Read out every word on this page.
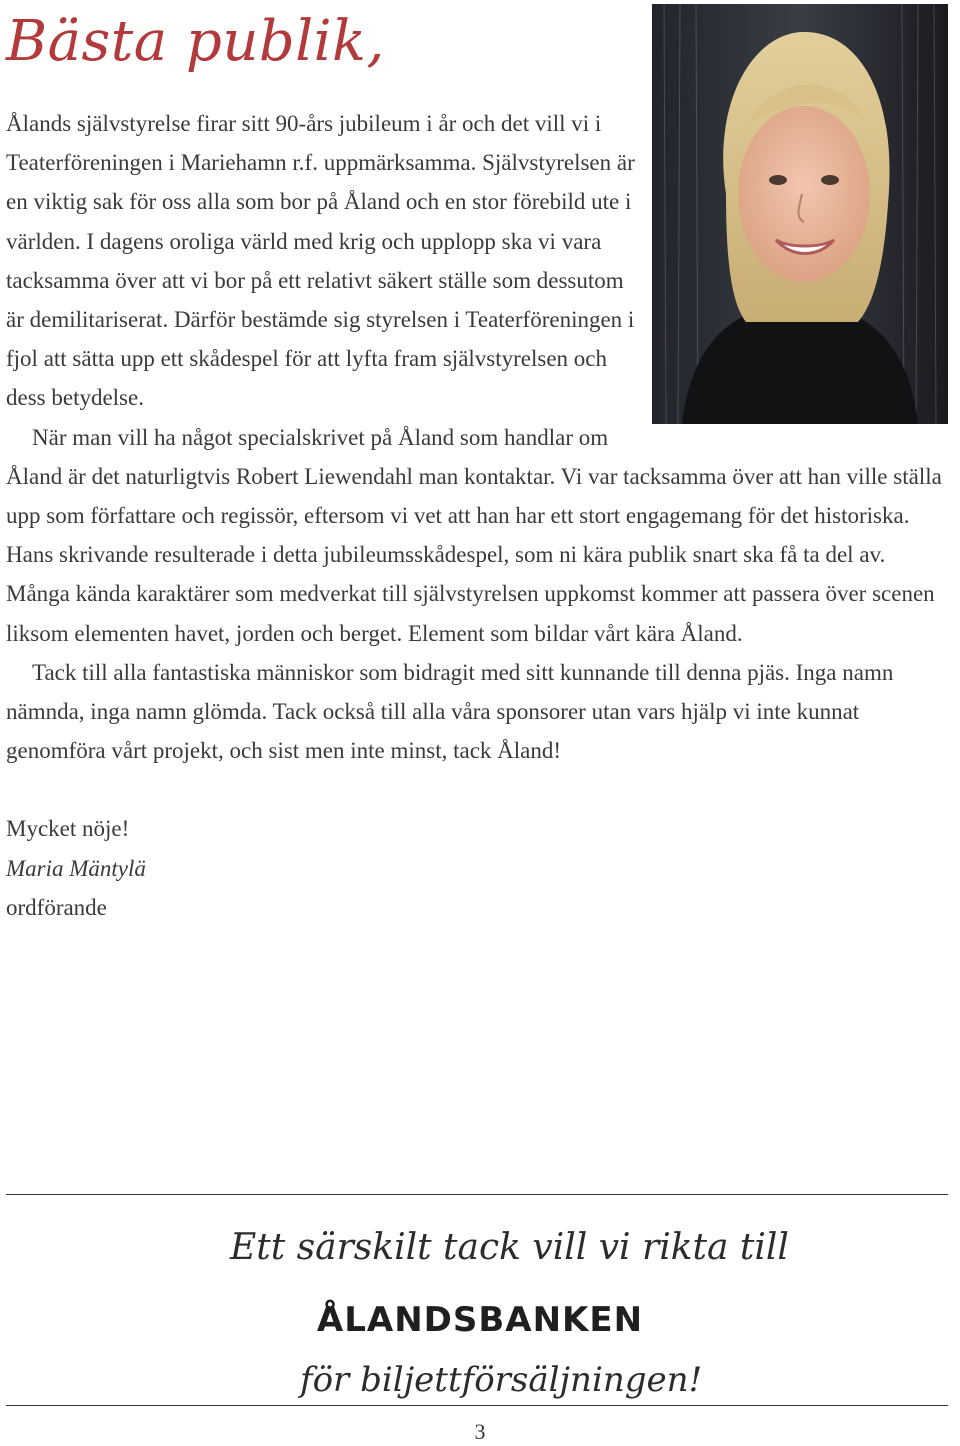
Bästa publik,

Ålands självstyrelse firar sitt 90-års jubileum i år och det vill vi i Teaterföreningen i Mariehamn r.f. uppmärksamma. Självstyrelsen är en viktig sak för oss alla som bor på Åland och en stor förebild ute i världen. I dagens oroliga värld med krig och upplopp ska vi vara tacksamma över att vi bor på ett relativt säkert ställe som dessutom är demilitariserat. Därför bestämde sig styrelsen i Teaterföreningen i fjol att sätta upp ett skådespel för att lyfta fram självstyrelsen och dess betydelse.

När man vill ha något specialskrivet på Åland som handlar om Åland är det naturligtvis Robert Liewendahl man kontaktar. Vi var tacksamma över att han ville ställa upp som författare och regissör, eftersom vi vet att han har ett stort engagemang för det historiska. Hans skrivande resulterade i detta jubileumsskådespel, som ni kära publik snart ska få ta del av. Många kända karaktärer som medverkat till självstyrelsen uppkomst kommer att passera över scenen liksom elementen havet, jorden och berget. Element som bildar vårt kära Åland.

Tack till alla fantastiska människor som bidragit med sitt kunnande till denna pjäs. Inga namn nämnda, inga namn glömda. Tack också till alla våra sponsorer utan vars hjälp vi inte kunnat genomföra vårt projekt, och sist men inte minst, tack Åland!

Mycket nöje!

Maria Mäntylä

ordförande

Ett särskilt tack vill vi rikta till
ÅLANDSBANKEN
för biljettförsäljningen!
3
